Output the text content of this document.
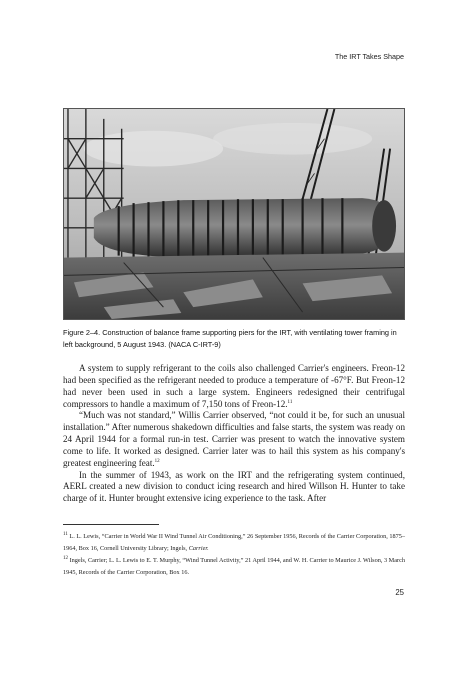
The IRT Takes Shape
Figure 2–4. Construction of balance frame supporting piers for the IRT, with ventilating tower framing in left background, 5 August 1943. (NACA C-IRT-9)

A system to supply refrigerant to the coils also challenged Carrier's engineers. Freon-12 had been specified as the refrigerant needed to produce a temperature of -67°F. But Freon-12 had never been used in such a large system. Engineers redesigned their centrifugal compressors to handle a maximum of 7,150 tons of Freon-12.11

“Much was not standard,” Willis Carrier observed, “not could it be, for such an unusual installation.” After numerous shakedown difficulties and false starts, the system was ready on 24 April 1944 for a formal run-in test. Carrier was present to watch the innovative system come to life. It worked as designed. Carrier later was to hail this system as his company's greatest engineering feat.$^{12}$

In the summer of 1943, as work on the IRT and the refrigerating system continued, AERL created a new division to conduct icing research and hired Willson H. Hunter to take charge of it. Hunter brought extensive icing experience to the task. After

$^{11}$ L. L. Lewis, “Carrier in World War II Wind Tunnel Air Conditioning,” 26 September 1956, Records of the Carrier Corporation, 1875–1964, Box 16, Cornell University Library; Ingels, Carrier.

$^{12}$ Ingels, Carrier; L. L. Lewis to E. T. Murphy, “Wind Tunnel Activity,” 21 April 1944, and W. H. Carrier to Maurice J. Wilson, 3 March 1945, Records of the Carrier Corporation, Box 16.

25
